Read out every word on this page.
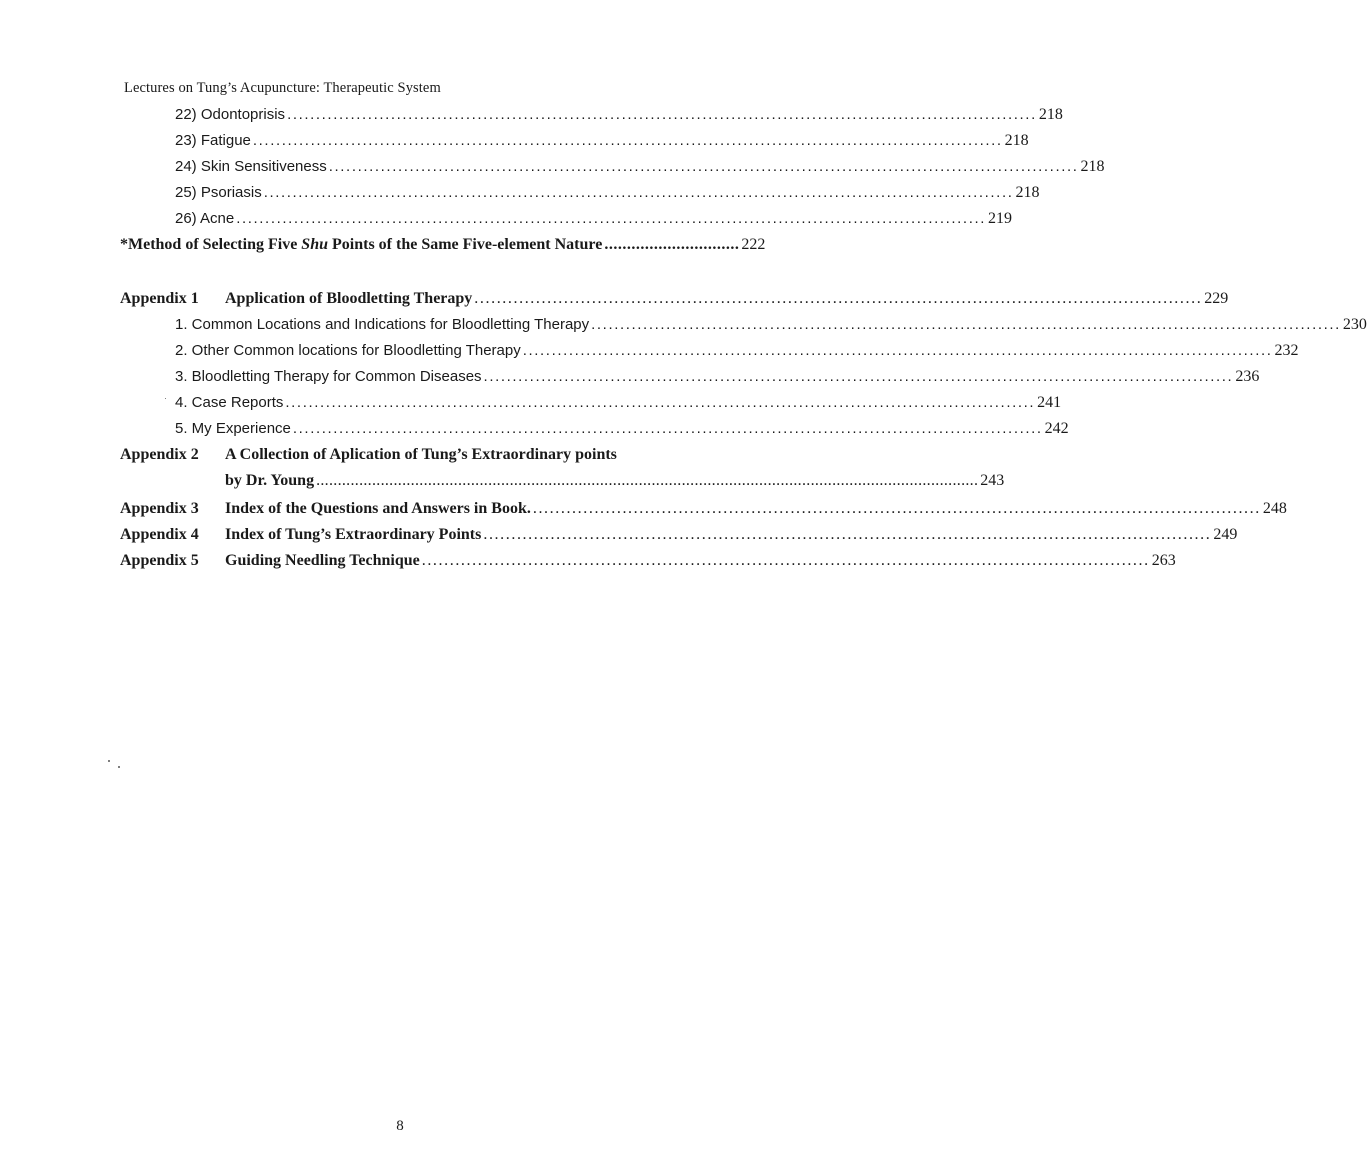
Lectures on Tung’s Acupuncture: Therapeutic System
22) Odontoprisis .................................................................................................................................. 218
23) Fatigue .................................................................................................................................. 218
24) Skin Sensitiveness .................................................................................................................................. 218
25) Psoriasis .................................................................................................................................. 218
26) Acne .................................................................................................................................. 219
*Method of Selecting Five Shu Points of the Same Five-element Nature .............................. 222
Appendix 1 Application of Bloodletting Therapy .................................................................................................................................. 229
1. Common Locations and Indications for Bloodletting Therapy .................................................................................................................................. 230
2. Other Common locations for Bloodletting Therapy .................................................................................................................................. 232
3. Bloodletting Therapy for Common Diseases .................................................................................................................................. 236
4. Case Reports .................................................................................................................................. 241
5. My Experience .................................................................................................................................. 242
Appendix 2 A Collection of Aplication of Tung’s Extraordinary points
by Dr. Young .......................................................................................................................................................... 243
Appendix 3 Index of the Questions and Answers in Book. .................................................................................................................................. 248
Appendix 4 Index of Tung’s Extraordinary Points .................................................................................................................................. 249
Appendix 5 Guiding Needling Technique .................................................................................................................................. 263
8
